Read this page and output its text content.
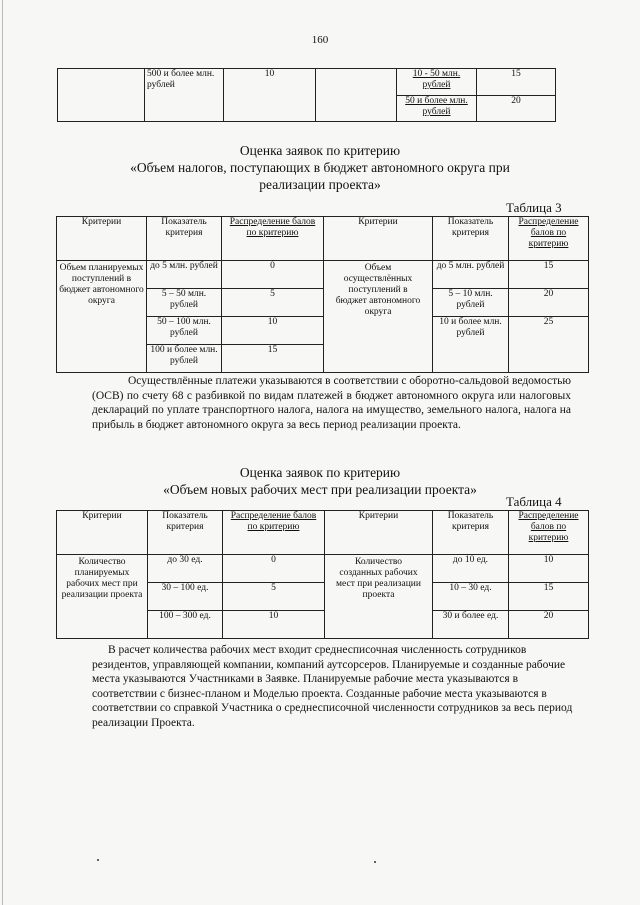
160
	500 и более млн. рублей	10		10 - 50 млн. рублей	15
				50 и более млн. рублей	20
Оценка заявок по критерию
«Объем налогов, поступающих в бюджет автономного округа при
реализации проекта»
Таблица 3
Критерии	Показатель критерия	Распределение балов по критерию	Критерии	Показатель критерия	Распределение балов по критерию
Объем планируемых поступлений в бюджет автономного округа	до 5 млн. рублей	0	Объем осуществлённых поступлений в бюджет автономного округа	до 5 млн. рублей	15
	5 – 50 млн. рублей	5		5 – 10 млн. рублей	20
	50 – 100 млн. рублей	10		10 и более млн. рублей	25
	100 и более млн. рублей	15			
Осуществлённые платежи указываются в соответствии с оборотно-сальдовой ведомостью (ОСВ) по счету 68 с разбивкой по видам платежей в бюджет автономного округа или налоговых деклараций по уплате транспортного налога, налога на имущество, земельного налога, налога на прибыль в бюджет автономного округа за весь период реализации проекта.
Оценка заявок по критерию
«Объем новых рабочих мест при реализации проекта»
Таблица 4
Критерии	Показатель критерия	Распределение балов по критерию	Критерии	Показатель критерия	Распределение балов по критерию
Количество планируемых рабочих мест при реализации проекта	до 30 ед.	0	Количество созданных рабочих мест при реализации проекта	до 10 ед.	10
	30 – 100 ед.	5		10 – 30 ед.	15
	100 – 300 ед.	10		30 и более ед.	20
В расчет количества рабочих мест входит среднесписочная численность сотрудников резидентов, управляющей компании, компаний аутсорсеров. Планируемые и созданные рабочие места указываются Участниками в Заявке. Планируемые рабочие места указываются в соответствии с бизнес-планом и Моделью проекта. Созданные рабочие места указываются в соответствии со справкой Участника о среднесписочной численности сотрудников за весь период реализации Проекта.
